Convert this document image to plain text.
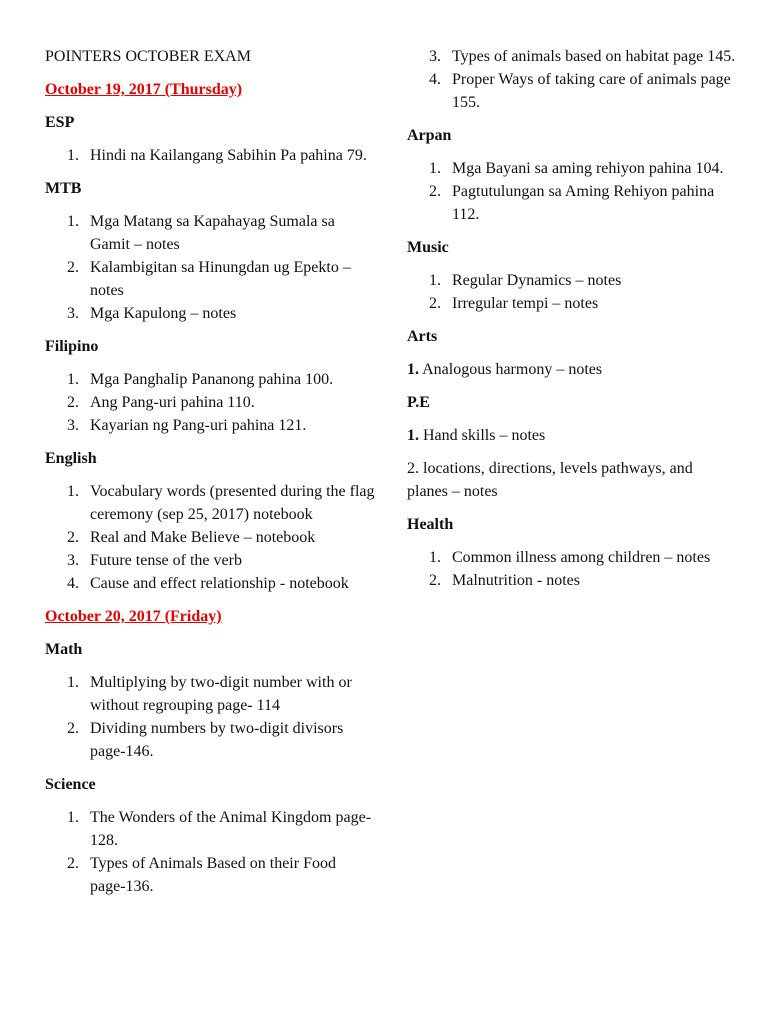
POINTERS OCTOBER EXAM

October 19, 2017 (Thursday)

ESP

1. Hindi na Kailangang Sabihin Pa pahina 79.

MTB

1. Mga Matang sa Kapahayag Sumala sa Gamit – notes
2. Kalambigitan sa Hinungdan ug Epekto – notes
3. Mga Kapulong – notes

Filipino

1. Mga Panghalip Pananong pahina 100.
2. Ang Pang-uri pahina 110.
3. Kayarian ng Pang-uri pahina 121.

English

1. Vocabulary words (presented during the flag ceremony (sep 25, 2017) notebook
2. Real and Make Believe – notebook
3. Future tense of the verb
4. Cause and effect relationship - notebook

October 20, 2017 (Friday)

Math

1. Multiplying by two-digit number with or without regrouping page- 114
2. Dividing numbers by two-digit divisors page-146.

Science

1. The Wonders of the Animal Kingdom page-128.
2. Types of Animals Based on their Food page-136.
3. Types of animals based on habitat page 145.
4. Proper Ways of taking care of animals page 155.

Arpan

1. Mga Bayani sa aming rehiyon pahina 104.
2. Pagtutulungan sa Aming Rehiyon pahina 112.

Music

1. Regular Dynamics – notes
2. Irregular tempi – notes

Arts

1. Analogous harmony – notes

P.E

1. Hand skills – notes

2. locations, directions, levels pathways, and planes – notes

Health

1. Common illness among children – notes
2. Malnutrition - notes
